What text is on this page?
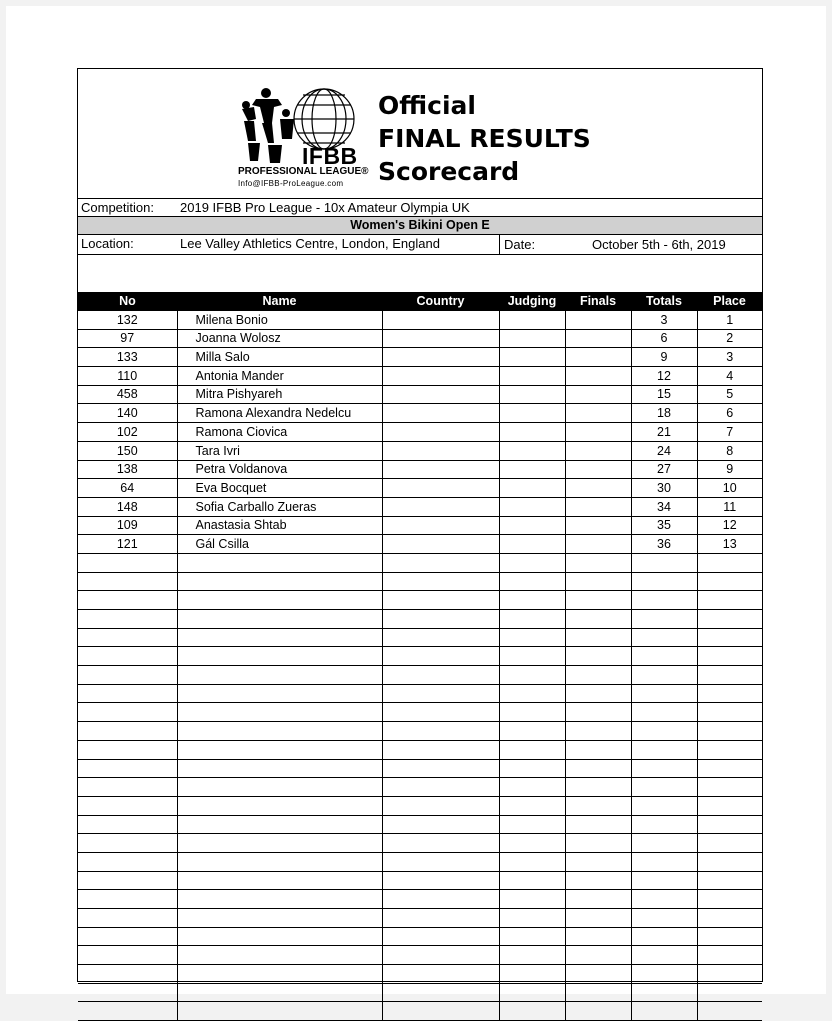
IFBB
PROFESSIONAL LEAGUE®
Info@IFBB-ProLeague.com
Official
FINAL RESULTS
Scorecard
Competition: 2019 IFBB Pro League - 10x Amateur Olympia UK
Women's Bikini Open E
Location:	Lee Valley Athletics Centre, London, England	Date:	October 5th - 6th, 2019
No	Name	Country	Judging	Finals	Totals	Place
132	Milena Bonio				3	1
97	Joanna Wolosz				6	2
133	Milla Salo				9	3
110	Antonia Mander				12	4
458	Mitra Pishyareh				15	5
140	Ramona Alexandra Nedelcu				18	6
102	Ramona Ciovica				21	7
150	Tara Ivri				24	8
138	Petra Voldanova				27	9
64	Eva Bocquet				30	10
148	Sofia Carballo Zueras				34	11
109	Anastasia Shtab				35	12
121	Gál Csilla				36	13
